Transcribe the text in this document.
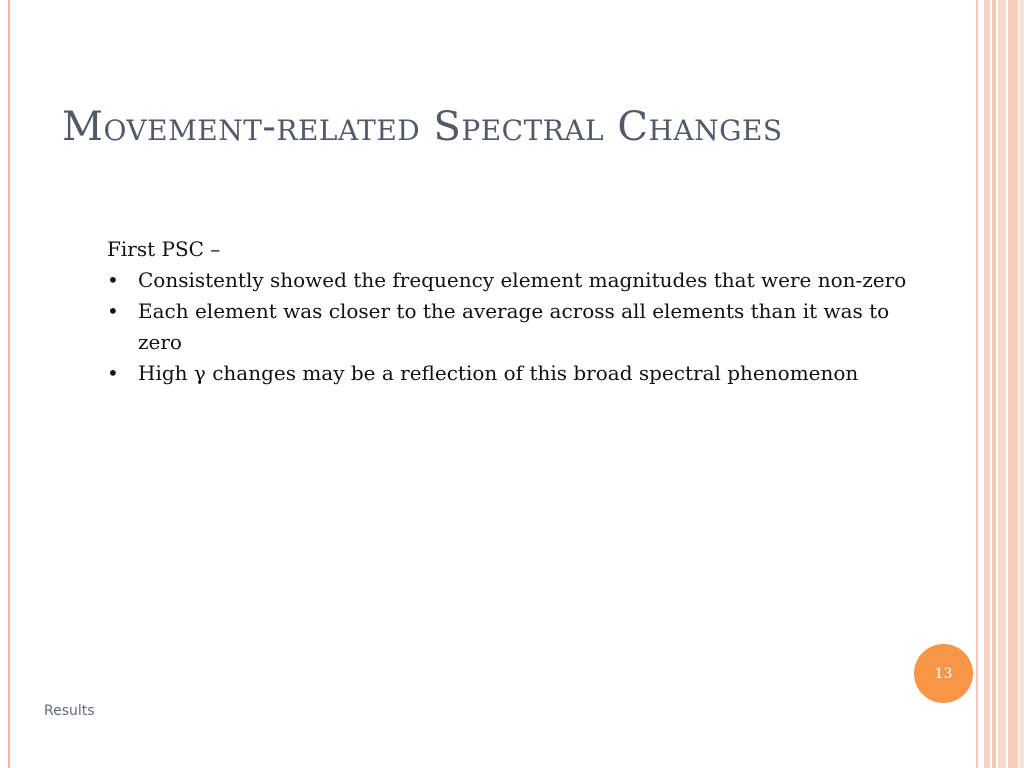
Movement-related Spectral Changes

First PSC –

• Consistently showed the frequency element magnitudes that were non-zero
• Each element was closer to the average across all elements than it was to zero
• High γ changes may be a reflection of this broad spectral phenomenon
Results
13
